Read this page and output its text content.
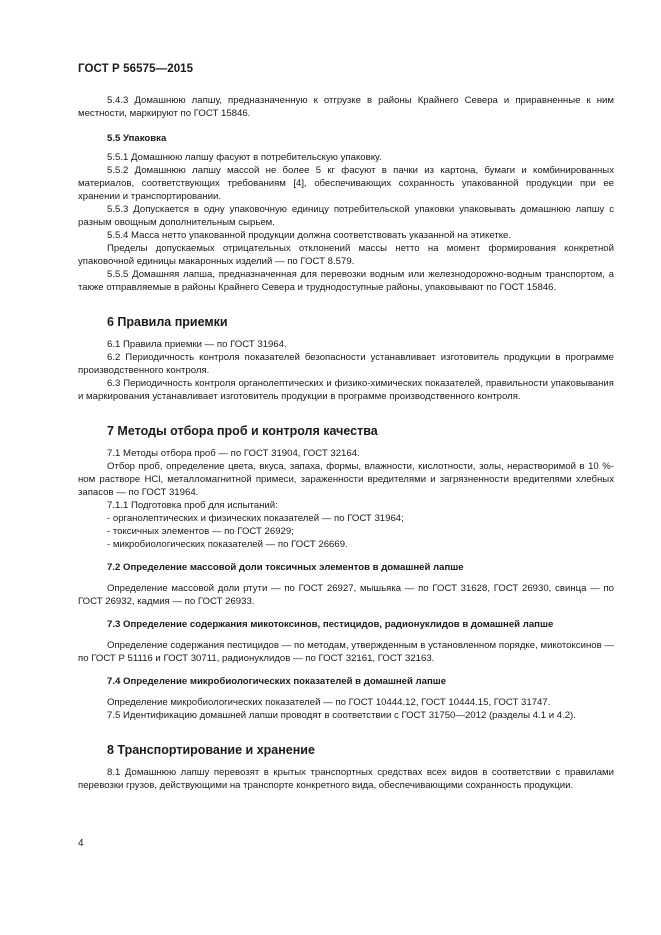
ГОСТ Р 56575—2015

5.4.3 Домашнюю лапшу, предназначенную к отгрузке в районы Крайнего Севера и приравненные к ним местности, маркируют по ГОСТ 15846.

5.5 Упаковка

5.5.1 Домашнюю лапшу фасуют в потребительскую упаковку.

5.5.2 Домашнюю лапшу массой не более 5 кг фасуют в пачки из картона, бумаги и комбинированных материалов, соответствующих требованиям [4], обеспечивающих сохранность упакованной продукции при ее хранении и транспортировании.

5.5.3 Допускается в одну упаковочную единицу потребительской упаковки упаковывать домашнюю лапшу с разным овощным дополнительным сырьем.

5.5.4 Масса нетто упакованной продукции должна соответствовать указанной на этикетке.

Пределы допускаемых отрицательных отклонений массы нетто на момент формирования конкретной упаковочной единицы макаронных изделий — по ГОСТ 8.579.

5.5.5 Домашняя лапша, предназначенная для перевозки водным или железнодорожно-водным транспортом, а также отправляемые в районы Крайнего Севера и труднодоступные районы, упаковывают по ГОСТ 15846.

6 Правила приемки

6.1 Правила приемки — по ГОСТ 31964.

6.2 Периодичность контроля показателей безопасности устанавливает изготовитель продукции в программе производственного контроля.

6.3 Периодичность контроля органолептических и физико-химических показателей, правильности упаковывания и маркирования устанавливает изготовитель продукции в программе производственного контроля.

7 Методы отбора проб и контроля качества

7.1 Методы отбора проб — по ГОСТ 31904, ГОСТ 32164.

Отбор проб, определение цвета, вкуса, запаха, формы, влажности, кислотности, золы, нерастворимой в 10 %-ном растворе HCl, металломагнитной примеси, зараженности вредителями и загрязненности вредителями хлебных запасов — по ГОСТ 31964.

7.1.1 Подготовка проб для испытаний:

- органолептических и физических показателей — по ГОСТ 31964;

- токсичных элементов — по ГОСТ 26929;

- микробиологических показателей — по ГОСТ 26669.

7.2 Определение массовой доли токсичных элементов в домашней лапше

Определение массовой доли ртути — по ГОСТ 26927, мышьяка — по ГОСТ 31628, ГОСТ 26930, свинца — по ГОСТ 26932, кадмия — по ГОСТ 26933.

7.3 Определение содержания микотоксинов, пестицидов, радионуклидов в домашней лапше

Определение содержания пестицидов — по методам, утвержденным в установленном порядке, микотоксинов — по ГОСТ Р 51116 и ГОСТ 30711, радионуклидов — по ГОСТ 32161, ГОСТ 32163.

7.4 Определение микробиологических показателей в домашней лапше

Определение микробиологических показателей — по ГОСТ 10444.12, ГОСТ 10444.15, ГОСТ 31747.

7.5 Идентификацию домашней лапши проводят в соответствии с ГОСТ 31750—2012 (разделы 4.1 и 4.2).

8 Транспортирование и хранение

8.1 Домашнюю лапшу перевозят в крытых транспортных средствах всех видов в соответствии с правилами перевозки грузов, действующими на транспорте конкретного вида, обеспечивающими сохранность продукции.

4
